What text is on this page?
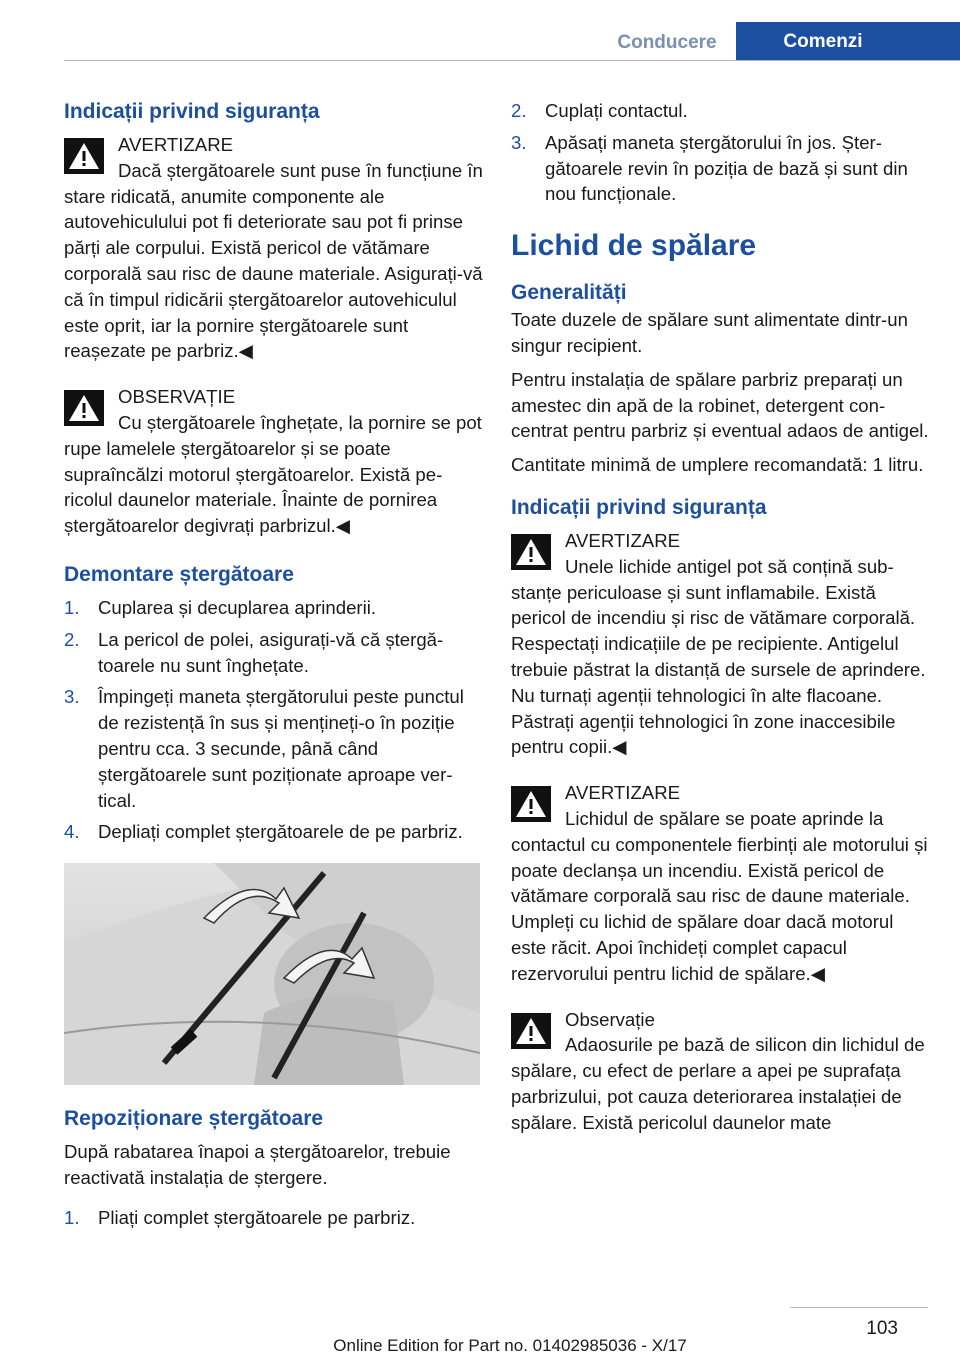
Conducere	Comenzi
Indicații privind siguranța
AVERTIZARE
Dacă ștergătoarele sunt puse în funcțiune în stare ridicată, anumite componente ale autovehiculului pot fi deteriorate sau pot fi prinse părți ale corpului. Există pericol de vătămare corporală sau risc de daune materiale. Asigurați-vă că în timpul ridicării ștergătoarelor autovehiculul este oprit, iar la pornire ștergătoarele sunt reașezate pe parbriz.◀
OBSERVAȚIE
Cu ștergătoarele înghețate, la pornire se pot rupe lamelele ștergătoarelor și se poate supraîncălzi motorul ștergătoarelor. Există pericolul daunelor materiale. Înainte de pornirea ștergătoarelor degivrați parbrizul.◀
Demontare ștergătoare
1. Cuplarea și decuplarea aprinderii.
2. La pericol de polei, asigurați-vă că ștergătoarele nu sunt înghețate.
3. Împingeți maneta ștergătorului peste punctul de rezistență în sus și mențineți-o în poziție pentru cca. 3 secunde, până când ștergătoarele sunt poziționate aproape vertical.
4. Depliați complet ștergătoarele de pe parbriz.
Repoziționare ștergătoare

După rabatarea înapoi a ștergătoarelor, trebuie reactivată instalația de ștergere.

1. Pliați complet ștergătoarele pe parbriz.
2. Cuplați contactul.
3. Apăsați maneta ștergătorului în jos. Ștergătoarele revin în poziția de bază și sunt din nou funcționale.
Lichid de spălare
Generalități

Toate duzele de spălare sunt alimentate dintr-un singur recipient.

Pentru instalația de spălare parbriz preparați un amestec din apă de la robinet, detergent concentrat pentru parbriz și eventual adaos de antigel.

Cantitate minimă de umplere recomandată: 1 litru.

Indicații privind siguranța
AVERTIZARE
Unele lichide antigel pot să conțină substanțe periculoase și sunt inflamabile. Există pericol de incendiu și risc de vătămare corporală. Respectați indicațiile de pe recipiente. Antigelul trebuie păstrat la distanță de sursele de aprindere. Nu turnați agenții tehnologici în alte flacoane. Păstrați agenții tehnologici în zone inaccesibile pentru copii.◀
AVERTIZARE
Lichidul de spălare se poate aprinde la contactul cu componentele fierbinți ale motorului și poate declanșa un incendiu. Există pericol de vătămare corporală sau risc de daune materiale. Umpleți cu lichid de spălare doar dacă motorul este răcit. Apoi închideți complet capacul rezervorului pentru lichid de spălare.◀
Observație
Adaosurile pe bază de silicon din lichidul de spălare, cu efect de perlare a apei pe suprafața parbrizului, pot cauza deteriorarea instalației de spălare. Există pericolul daunelor mate
103
Online Edition for Part no. 01402985036 - X/17
